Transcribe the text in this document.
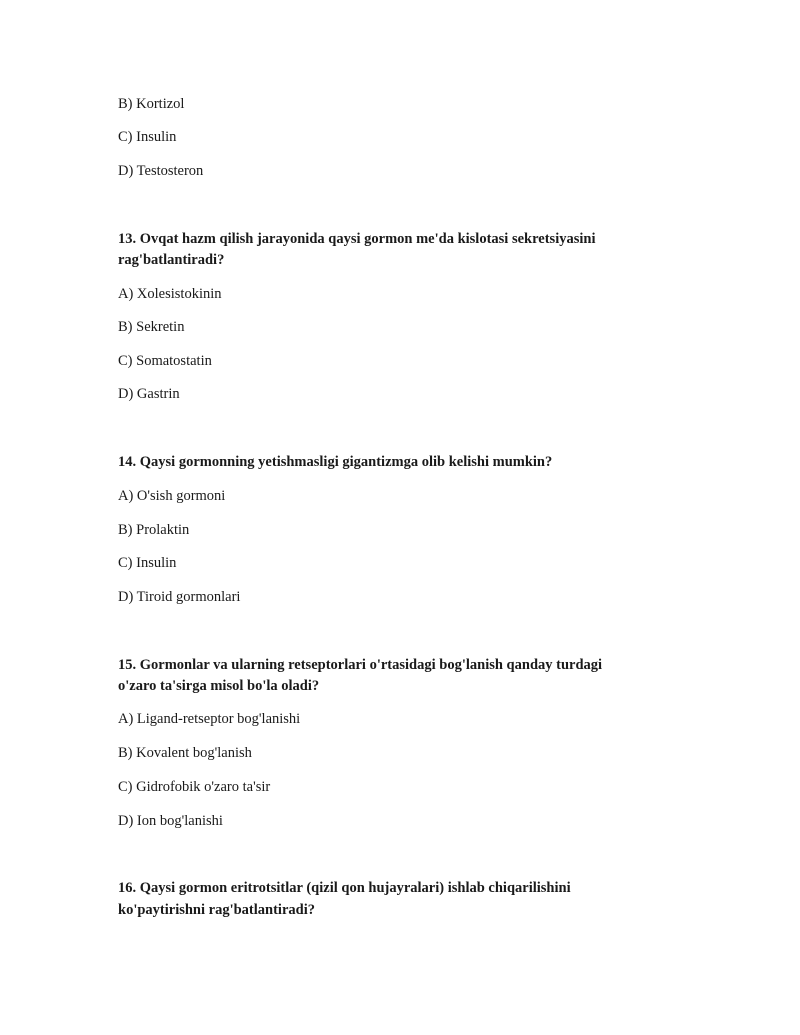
B) Kortizol
C) Insulin
D) Testosteron
13. Ovqat hazm qilish jarayonida qaysi gormon me'da kislotasi sekretsiyasini
rag'batlantiradi?
A) Xolesistokinin
B) Sekretin
C) Somatostatin
D) Gastrin
14. Qaysi gormonning yetishmasligi gigantizmga olib kelishi mumkin?
A) O'sish gormoni
B) Prolaktin
C) Insulin
D) Tiroid gormonlari
15. Gormonlar va ularning retseptorlari o'rtasidagi bog'lanish qanday turdagi
o'zaro ta'sirga misol bo'la oladi?
A) Ligand-retseptor bog'lanishi
B) Kovalent bog'lanish
C) Gidrofobik o'zaro ta'sir
D) Ion bog'lanishi
16. Qaysi gormon eritrotsitlar (qizil qon hujayralari) ishlab chiqarilishini
ko'paytirishni rag'batlantiradi?
